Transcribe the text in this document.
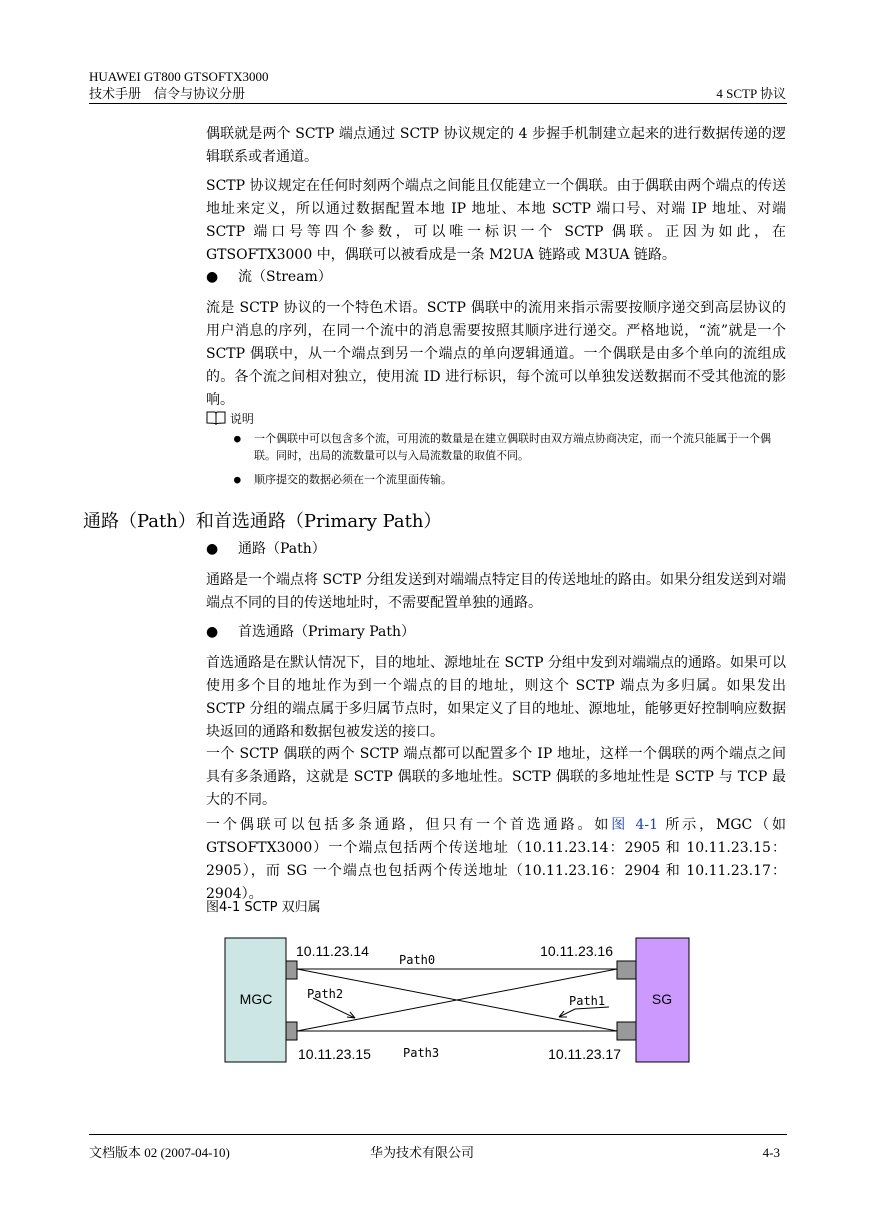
HUAWEI GT800 GTSOFTX3000
技术手册　信令与协议分册	4 SCTP 协议

偶联就是两个 SCTP 端点通过 SCTP 协议规定的 4 步握手机制建立起来的进行数据传递的逻辑联系或者通道。

SCTP 协议规定在任何时刻两个端点之间能且仅能建立一个偶联。由于偶联由两个端点的传送地址来定义，所以通过数据配置本地 IP 地址、本地 SCTP 端口号、对端 IP 地址、对端 SCTP 端口号等四个参数，可以唯一标识一个 SCTP 偶联。正因为如此，在 GTSOFTX3000 中，偶联可以被看成是一条 M2UA 链路或 M3UA 链路。

● 流（Stream）

流是 SCTP 协议的一个特色术语。SCTP 偶联中的流用来指示需要按顺序递交到高层协议的用户消息的序列，在同一个流中的消息需要按照其顺序进行递交。严格地说，“流”就是一个 SCTP 偶联中，从一个端点到另一个端点的单向逻辑通道。一个偶联是由多个单向的流组成的。各个流之间相对独立，使用流 ID 进行标识，每个流可以单独发送数据而不受其他流的影响。

说明
● 一个偶联中可以包含多个流，可用流的数量是在建立偶联时由双方端点协商决定，而一个流只能属于一个偶联。同时，出局的流数量可以与入局流数量的取值不同。
● 顺序提交的数据必须在一个流里面传输。
通路（Path）和首选通路（Primary Path）
● 通路（Path）

通路是一个端点将 SCTP 分组发送到对端端点特定目的传送地址的路由。如果分组发送到对端端点不同的目的传送地址时，不需要配置单独的通路。

● 首选通路（Primary Path）

首选通路是在默认情况下，目的地址、源地址在 SCTP 分组中发到对端端点的通路。如果可以使用多个目的地址作为到一个端点的目的地址，则这个 SCTP 端点为多归属。如果发出 SCTP 分组的端点属于多归属节点时，如果定义了目的地址、源地址，能够更好控制响应数据块返回的通路和数据包被发送的接口。

一个 SCTP 偶联的两个 SCTP 端点都可以配置多个 IP 地址，这样一个偶联的两个端点之间具有多条通路，这就是 SCTP 偶联的多地址性。SCTP 偶联的多地址性是 SCTP 与 TCP 最大的不同。

一个偶联可以包括多条通路，但只有一个首选通路。如图 4-1 所示，MGC（如 GTSOFTX3000）一个端点包括两个传送地址（10.11.23.14：2905 和 10.11.23.15：2905），而 SG 一个端点也包括两个传送地址（10.11.23.16：2904 和 10.11.23.17：2904）。

图4-1 SCTP 双归属
MGC	SG
10.11.23.14
10.11.23.15
10.11.23.16
10.11.23.17
Path0
Path3
Path2	Path1
文档版本 02 (2007-04-10)	华为技术有限公司	4-3
